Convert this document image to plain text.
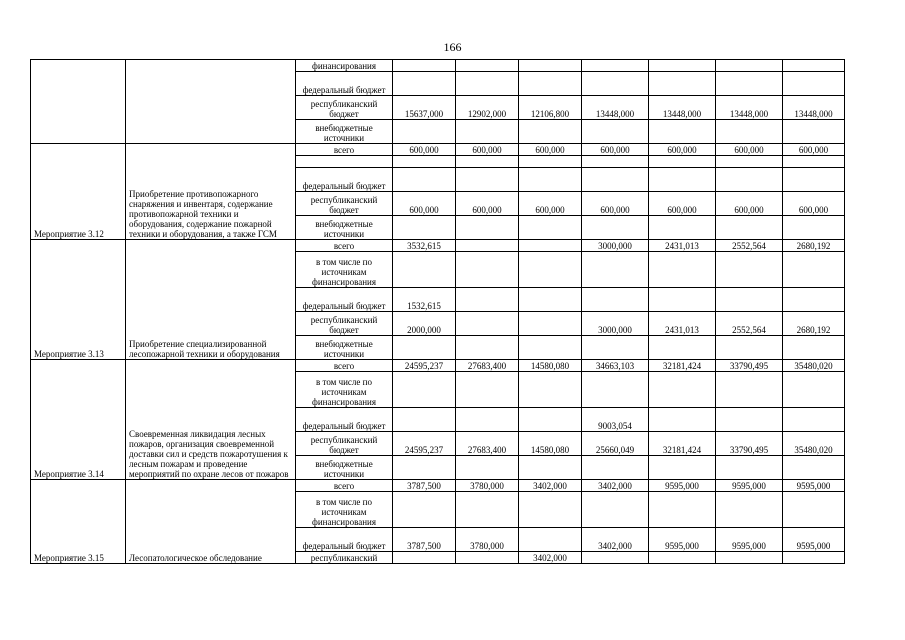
166
		финансирования							
		федеральный бюджет							
		республиканский бюджет	15637,000	12902,000	12106,800	13448,000	13448,000	13448,000	13448,000
		внебюджетные источники							
Мероприятие 3.12	Приобретение противопожарного снаряжения и инвентаря, содержание противопожарной техники и оборудования, содержание пожарной техники и оборудования, а также ГСМ	всего	600,000	600,000	600,000	600,000	600,000	600,000	600,000

		федеральный бюджет							
		республиканский бюджет	600,000	600,000	600,000	600,000	600,000	600,000	600,000
		внебюджетные источники							
Мероприятие 3.13	Приобретение специализированной лесопожарной техники и оборудования	всего	3532,615			3000,000	2431,013	2552,564	2680,192
		в том числе по источникам финансирования							
		федеральный бюджет	1532,615						
		республиканский бюджет	2000,000			3000,000	2431,013	2552,564	2680,192
		внебюджетные источники							
Мероприятие 3.14	Своевременная ликвидация лесных пожаров, организация своевременной доставки сил и средств пожаротушения к лесным пожарам и проведение мероприятий по охране лесов от пожаров	всего	24595,237	27683,400	14580,080	34663,103	32181,424	33790,495	35480,020
		в том числе по источникам финансирования							
		федеральный бюджет				9003,054			
		республиканский бюджет	24595,237	27683,400	14580,080	25660,049	32181,424	33790,495	35480,020
		внебюджетные источники							
Мероприятие 3.15	Лесопатологическое обследование	всего	3787,500	3780,000	3402,000	3402,000	9595,000	9595,000	9595,000
		в том числе по источникам финансирования							
		федеральный бюджет	3787,500	3780,000		3402,000	9595,000	9595,000	9595,000
		республиканский			3402,000				
